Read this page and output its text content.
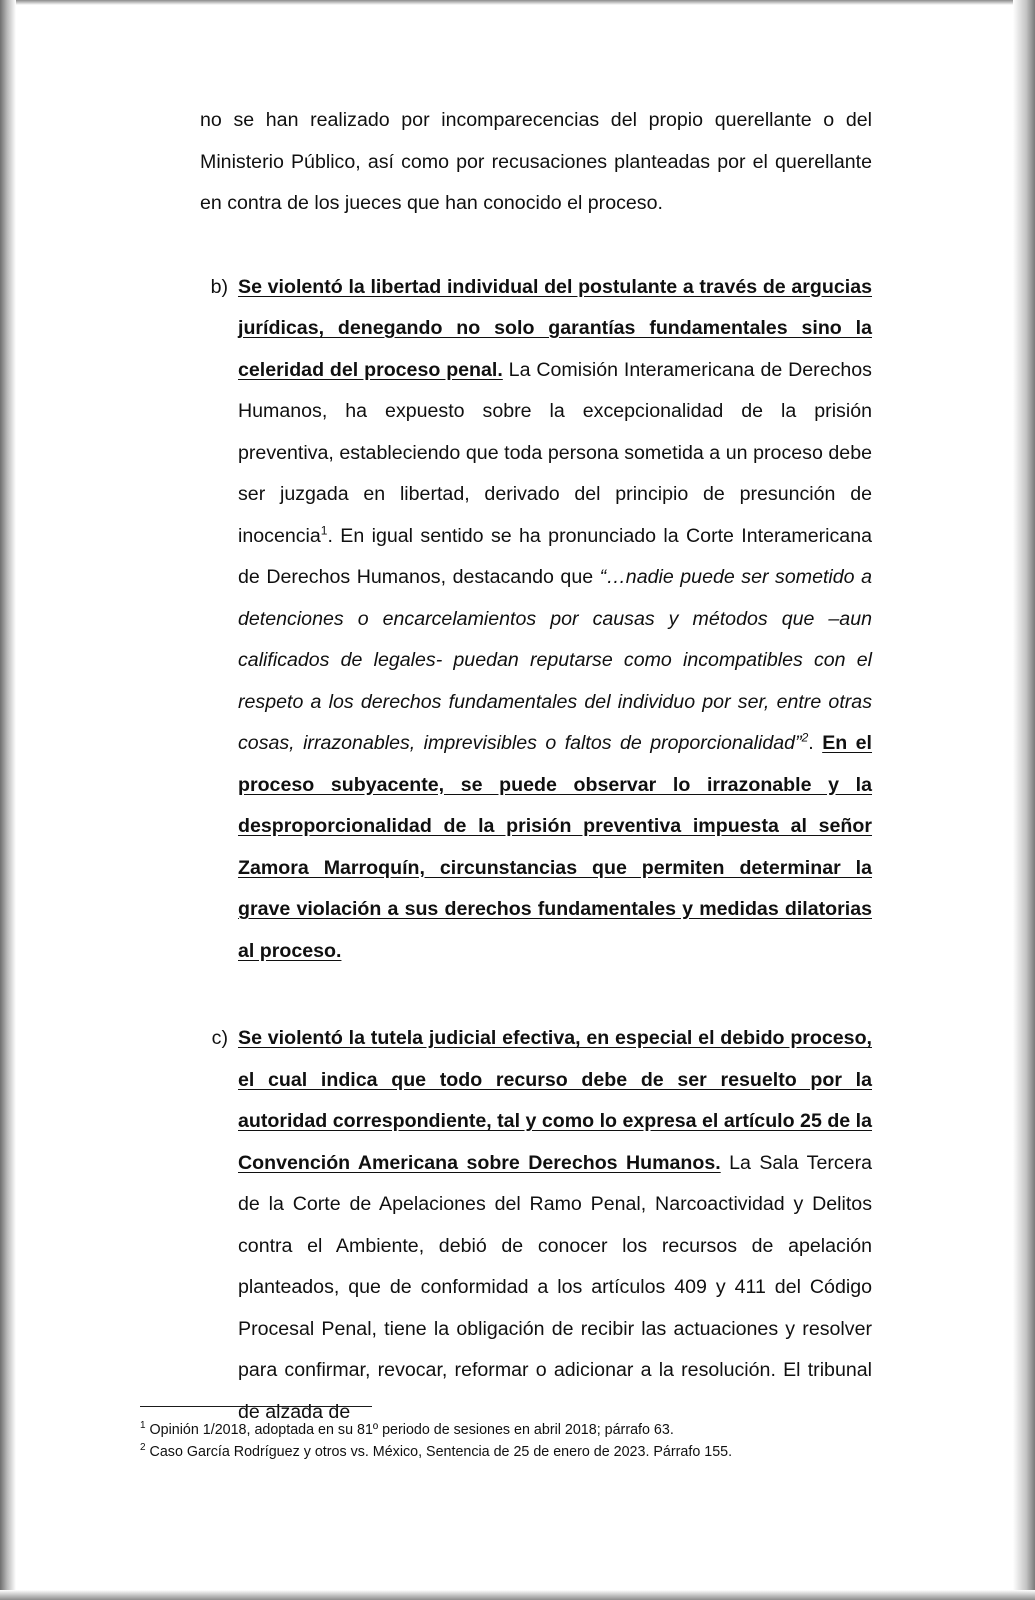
no se han realizado por incomparecencias del propio querellante o del Ministerio Público, así como por recusaciones planteadas por el querellante en contra de los jueces que han conocido el proceso.

b) Se violentó la libertad individual del postulante a través de argucias jurídicas, denegando no solo garantías fundamentales sino la celeridad del proceso penal. La Comisión Interamericana de Derechos Humanos, ha expuesto sobre la excepcionalidad de la prisión preventiva, estableciendo que toda persona sometida a un proceso debe ser juzgada en libertad, derivado del principio de presunción de inocencia$^1$. En igual sentido se ha pronunciado la Corte Interamericana de Derechos Humanos, destacando que “…nadie puede ser sometido a detenciones o encarcelamientos por causas y métodos que –aun calificados de legales- puedan reputarse como incompatibles con el respeto a los derechos fundamentales del individuo por ser, entre otras cosas, irrazonables, imprevisibles o faltos de proporcionalidad”$^2$. En el proceso subyacente, se puede observar lo irrazonable y la desproporcionalidad de la prisión preventiva impuesta al señor Zamora Marroquín, circunstancias que permiten determinar la grave violación a sus derechos fundamentales y medidas dilatorias al proceso.
c) Se violentó la tutela judicial efectiva, en especial el debido proceso, el cual indica que todo recurso debe de ser resuelto por la autoridad correspondiente, tal y como lo expresa el artículo 25 de la Convención Americana sobre Derechos Humanos. La Sala Tercera de la Corte de Apelaciones del Ramo Penal, Narcoactividad y Delitos contra el Ambiente, debió de conocer los recursos de apelación planteados, que de conformidad a los artículos 409 y 411 del Código Procesal Penal, tiene la obligación de recibir las actuaciones y resolver para confirmar, revocar, reformar o adicionar a la resolución. El tribunal de alzada de

$^1$ Opinión 1/2018, adoptada en su 81º periodo de sesiones en abril 2018; párrafo 63.

$^2$ Caso García Rodríguez y otros vs. México, Sentencia de 25 de enero de 2023. Párrafo 155.
